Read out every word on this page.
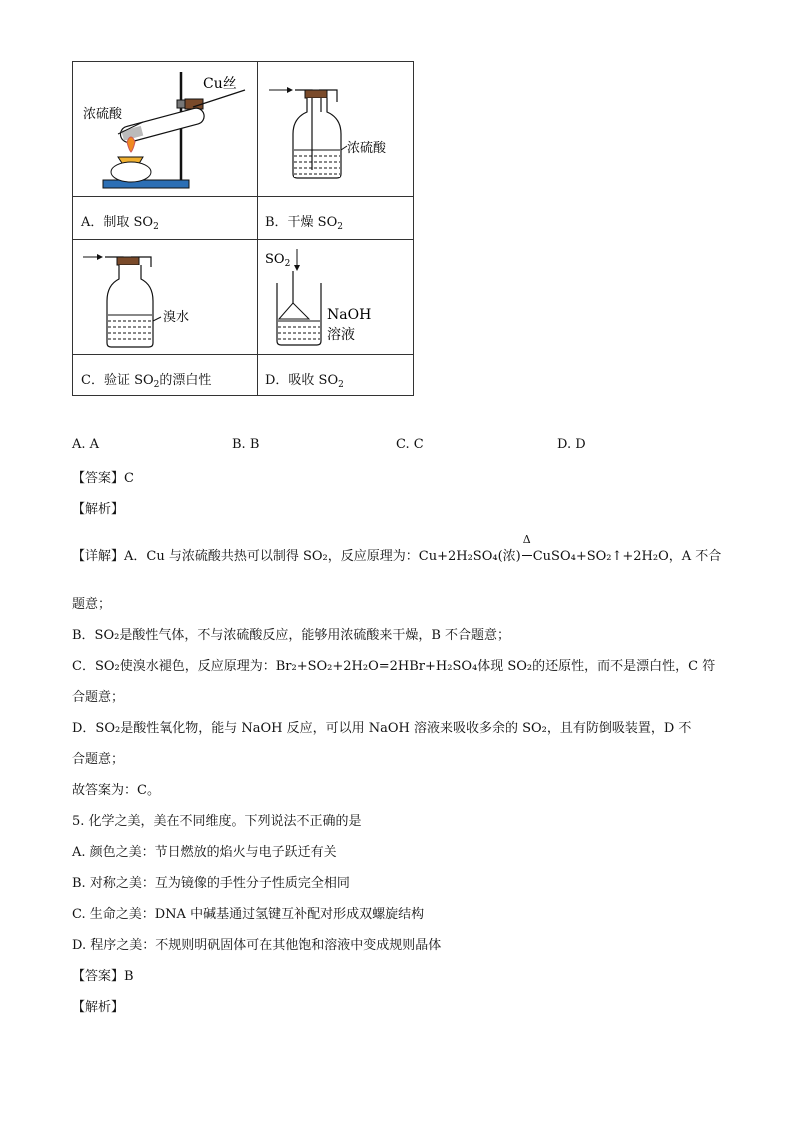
Cu丝
浓硫酸
浓硫酸
A．制取 $SO_2$	B．干燥 $SO_2$
溴水
$SO_2$
NaOH
溶液
C．验证 $SO_2$的漂白性	D．吸收 $SO_2$
A. A	B. B	C. C	D. D
【答案】C
【解析】
【详解】A．Cu 与浓硫酸共热可以制得 SO₂，反应原理为：Cu+2H₂SO₄(浓)
Δ
CuSO₄+SO₂↑+2H₂O，A 不合
题意；
B．SO₂是酸性气体，不与浓硫酸反应，能够用浓硫酸来干燥，B 不合题意；
C．SO₂使溴水褪色，反应原理为：Br₂+SO₂+2H₂O=2HBr+H₂SO₄体现 SO₂的还原性，而不是漂白性，C 符
合题意；
D．SO₂是酸性氧化物，能与 NaOH 反应，可以用 NaOH 溶液来吸收多余的 SO₂，且有防倒吸装置，D 不
合题意；
故答案为：C。
5. 化学之美，美在不同维度。下列说法不正确的是
A. 颜色之美：节日燃放的焰火与电子跃迁有关
B. 对称之美：互为镜像的手性分子性质完全相同
C. 生命之美：DNA 中碱基通过氢键互补配对形成双螺旋结构
D. 程序之美：不规则明矾固体可在其他饱和溶液中变成规则晶体
【答案】B
【解析】
